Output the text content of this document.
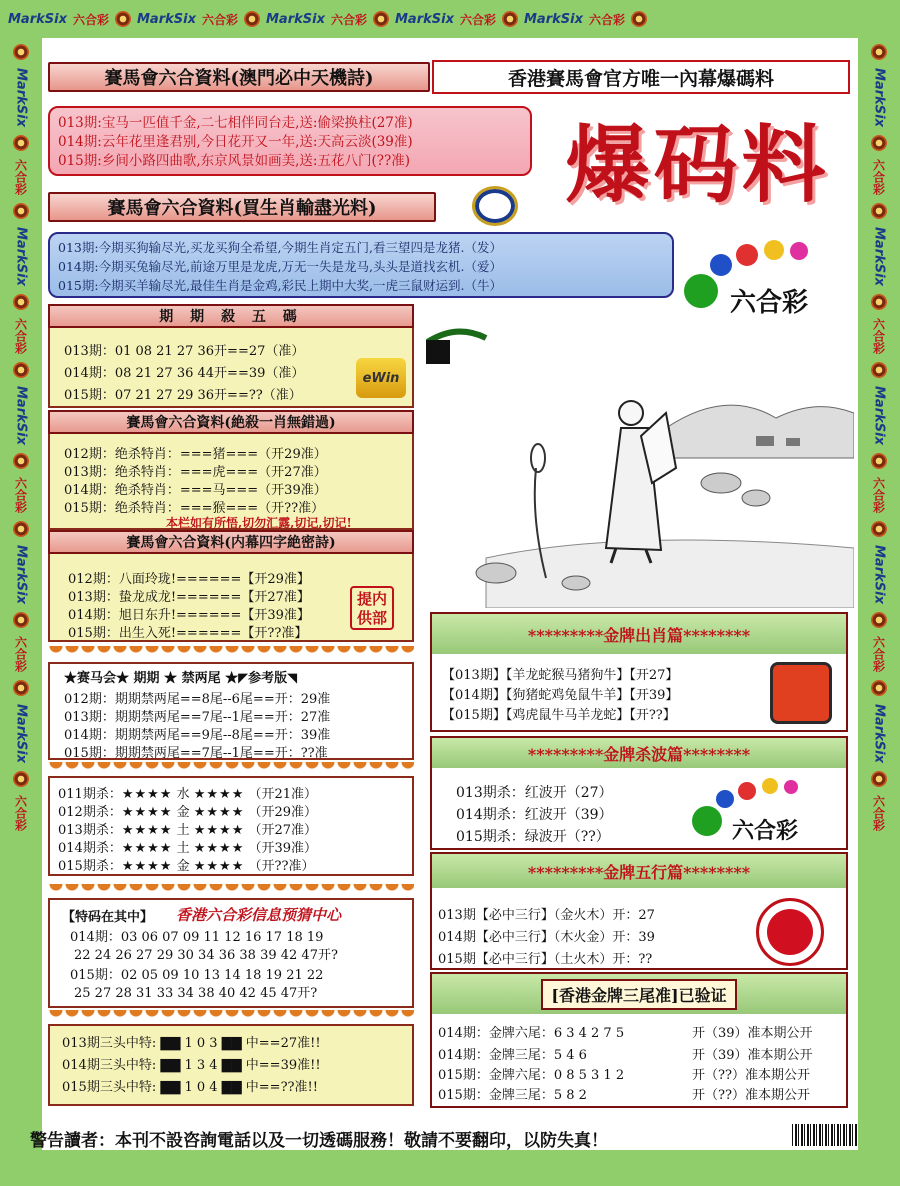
MarkSix 六合彩 MarkSix 六合彩 MarkSix 六合彩 MarkSix 六合彩 MarkSix 六合彩
MarkSix
六合彩
MarkSix
六合彩
MarkSix
六合彩
MarkSix
六合彩
MarkSix
六合彩
MarkSix
六合彩
MarkSix
六合彩
MarkSix
六合彩
MarkSix
六合彩
MarkSix
六合彩
賽馬會六合資料(澳門必中天機詩)	香港賽馬會官方唯一內幕爆碼料
013期:宝马一匹值千金,二七相伴同台走,送:偷梁换柱(27准)
014期:云年花里逢君别,今日花开又一年,送:天高云淡(39准)
015期:乡间小路四曲歌,东京风景如画美,送:五花八门(??准)	爆码料
賽馬會六合資料(買生肖輸盡光料)
013期:今期买狗输尽光,买龙买狗全希望,今期生肖定五门,看三望四是龙猪.（发）
014期:今期买兔输尽光,前途万里是龙虎,万无一失是龙马,头头是道找玄机.（爱）
015期:今期买羊输尽光,最佳生肖是金鸡,彩民上期中大奖,一虎三鼠财运到.（牛）
六合彩
期 期 殺 五 碼
013期：01 08 21 27 36开==27（准）
014期：08 21 27 36 44开==39（准）
015期：07 21 27 29 36开==??（准）
eWin
賽馬會六合資料(絶殺一肖無錯過)
012期：绝杀特肖：===猪===（开29准）
013期：绝杀特肖：===虎===（开27准）
014期：绝杀特肖：===马===（开39准）
015期：绝杀特肖：===猴===（开??准）
本栏如有所悟,切勿汇露,切记,切记!
賽馬會六合資料(内幕四字絶密詩)
012期：八面玲珑!======【开29准】
013期：蛰龙成龙!======【开27准】
014期：旭日东升!======【开39准】
015期：出生入死!======【开??准】
提内供部
★赛马会★ 期期 ★ 禁两尾 ★◤参考版◥
012期：期期禁两尾==8尾--6尾==开：29准
013期：期期禁两尾==7尾--1尾==开：27准
014期：期期禁两尾==9尾--8尾==开：39准
015期：期期禁两尾==7尾--1尾==开：??准
011期杀：★★★★ 水 ★★★★ （开21准）
012期杀：★★★★ 金 ★★★★ （开29准）
013期杀：★★★★ 土 ★★★★ （开27准）
014期杀：★★★★ 土 ★★★★ （开39准）
015期杀：★★★★ 金 ★★★★ （开??准）
【特码在其中】 香港六合彩信息预猜中心
014期：03 06 07 09 11 12 16 17 18 19
22 24 26 27 29 30 34 36 38 39 42 47开?
015期：02 05 09 10 13 14 18 19 21 22
25 27 28 31 33 34 38 40 42 45 47开?
013期三头中特: ▇▇ 1 0 3 ▇▇ 中==27准!!
014期三头中特: ▇▇ 1 3 4 ▇▇ 中==39准!!
015期三头中特: ▇▇ 1 0 4 ▇▇ 中==??准!!
*********金牌出肖篇********
【013期】【羊龙蛇猴马猪狗牛】【开27】
【014期】【狗猪蛇鸡兔鼠牛羊】【开39】
【015期】【鸡虎鼠牛马羊龙蛇】【开??】
*********金牌杀波篇********
013期杀：红波开（27）
014期杀：红波开（39）
015期杀：绿波开（??）	六合彩
*********金牌五行篇********
013期【必中三行】（金火木）开：27
014期【必中三行】（木火金）开：39
015期【必中三行】（土火木）开：??
[香港金牌三尾准]已验证
014期：金牌六尾：6 3 4 2 7 5	开（39）准本期公开
014期：金牌三尾：5 4 6	开（39）准本期公开
015期：金牌六尾：0 8 5 3 1 2	开（??）准本期公开
015期：金牌三尾：5 8 2	开（??）准本期公开
警告讀者：本刊不設咨詢電話以及一切透碼服務！敬請不要翻印，以防失真！
